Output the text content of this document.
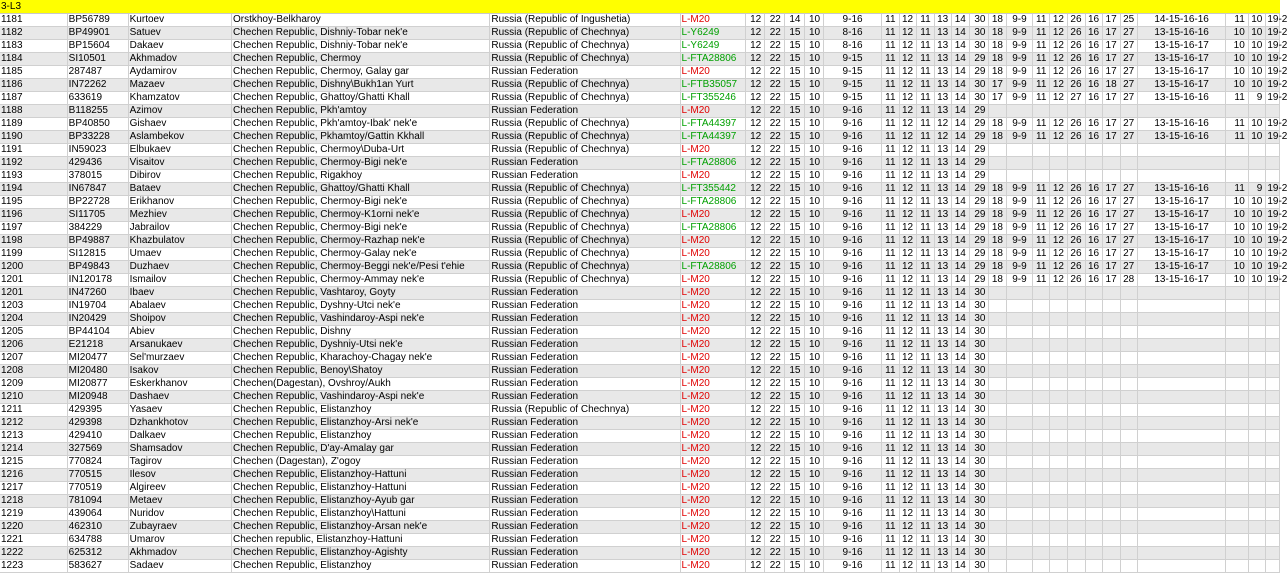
3-L3
1181	BP56789	Kurtoev	Orstkhoy-Belkharoy	Russia (Republic of Ingushetia)	L-M20	12	22	14	10	9-16	11	12	11	13	14	30	18	9-9	11	12	26	16	17	25	14-15-16-16	11	10	19-2
1182	BP49901	Satuev	Chechen Republic, Dishniy-Tobar nek'e	Russia (Republic of Chechnya)	L-Y6249	12	22	15	10	8-16	11	12	11	13	14	30	18	9-9	11	12	26	16	17	27	13-15-16-16	10	10	19-2
1183	BP15604	Dakaev	Chechen Republic, Dishniy-Tobar nek'e	Russia (Republic of Chechnya)	L-Y6249	12	22	15	10	8-16	11	12	11	13	14	30	18	9-9	11	12	26	16	17	27	13-15-16-17	10	10	19-2
1184	SI10501	Akhmadov	Chechen Republic, Chermoy	Russia (Republic of Chechnya)	L-FTA28806	12	22	15	10	9-15	11	12	11	13	14	29	18	9-9	11	12	26	16	17	27	13-15-16-17	10	10	19-2
1185	287487	Aydamirov	Chechen Republic, Chermoy, Galay gar	Russian Federation	L-M20	12	22	15	10	9-15	11	12	11	13	14	29	18	9-9	11	12	26	16	17	27	13-15-16-17	10	10	19-2
1186	IN72262	Mazaev	Chechen Republic, Dishny\Bukh1an Yurt	Russia (Republic of Chechnya)	L-FTB35057	12	22	15	10	9-15	11	12	11	13	14	30	17	9-9	11	12	26	16	18	27	13-15-16-17	10	10	19-2
1187	633619	Khamzatov	Chechen Republic, Ghattoy/Ghatti Khall	Russia (Republic of Chechnya)	L-FT355246	12	22	15	10	9-15	11	12	11	13	14	30	17	9-9	11	12	27	16	17	27	13-15-16-16	11	9	19-2
1188	B118255	Azimov	Chechen Republic, Pkh'amtoy	Russian Federation	L-M20	12	22	15	10	9-16	11	12	11	13	14	29												
1189	BP40850	Gishaev	Chechen Republic, Pkh'amtoy-Ibak' nek'e	Russia (Republic of Chechnya)	L-FTA44397	12	22	15	10	9-16	11	12	11	12	14	29	18	9-9	11	12	26	16	17	27	13-15-16-16	11	10	19-2
1190	BP33228	Aslambekov	Chechen Republic, Pkhamtoy/Gattin Kkhall	Russia (Republic of Chechnya)	L-FTA44397	12	22	15	10	9-16	11	12	11	12	14	29	18	9-9	11	12	26	16	17	27	13-15-16-16	11	10	19-2
1191	IN59023	Elbukaev	Chechen Republic, Chermoy\Duba-Urt	Russia (Republic of Chechnya)	L-M20	12	22	15	10	9-16	11	12	11	13	14	29												
1192	429436	Visaitov	Chechen Republic, Chermoy-Bigi nek'e	Russian Federation	L-FTA28806	12	22	15	10	9-16	11	12	11	13	14	29												
1193	378015	Dibirov	Chechen Republic, Rigakhoy	Russian Federation	L-M20	12	22	15	10	9-16	11	12	11	13	14	29												
1194	IN67847	Bataev	Chechen Republic, Ghattoy/Ghatti Khall	Russia (Republic of Chechnya)	L-FT355442	12	22	15	10	9-16	11	12	11	13	14	29	18	9-9	11	12	26	16	17	27	13-15-16-16	11	9	19-2
1195	BP22728	Erikhanov	Chechen Republic, Chermoy-Bigi nek'e	Russia (Republic of Chechnya)	L-FTA28806	12	22	15	10	9-16	11	12	11	13	14	29	18	9-9	11	12	26	16	17	27	13-15-16-17	10	10	19-2
1196	SI11705	Mezhiev	Chechen Republic, Chermoy-K1orni nek'e	Russia (Republic of Chechnya)	L-M20	12	22	15	10	9-16	11	12	11	13	14	29	18	9-9	11	12	26	16	17	27	13-15-16-17	10	10	19-2
1197	384229	Jabrailov	Chechen Republic, Chermoy-Bigi nek'e	Russia (Republic of Chechnya)	L-FTA28806	12	22	15	10	9-16	11	12	11	13	14	29	18	9-9	11	12	26	16	17	27	13-15-16-17	10	10	19-2
1198	BP49887	Khazbulatov	Chechen Republic, Chermoy-Razhap nek'e	Russia (Republic of Chechnya)	L-M20	12	22	15	10	9-16	11	12	11	13	14	29	18	9-9	11	12	26	16	17	27	13-15-16-17	10	10	19-2
1199	SI12815	Umaev	Chechen Republic, Chermoy-Galay nek'e	Russia (Republic of Chechnya)	L-M20	12	22	15	10	9-16	11	12	11	13	14	29	18	9-9	11	12	26	16	17	27	13-15-16-17	10	10	19-2
1200	BP49843	Duzhaev	Chechen Republic, Chermoy-Beggi nek'e/Pesi t'ehie	Russia (Republic of Chechnya)	L-FTA28806	12	22	15	10	9-16	11	12	11	13	14	29	18	9-9	11	12	26	16	17	27	13-15-16-17	10	10	19-2
1201	IN120178	Ismailov	Chechen Republic, Chermoy-Ammay nek'e	Russia (Republic of Chechnya)	L-M20	12	22	15	10	9-16	11	12	11	13	14	29	18	9-9	11	12	26	16	17	28	13-15-16-17	10	10	19-2
1201	IN47260	Ibaev	Chechen Republic, Vashtaroy, Goyty	Russian Federation	L-M20	12	22	15	10	9-16	11	12	11	13	14	30												
1203	IN19704	Abalaev	Chechen Republic, Dyshny-Utci nek'e	Russian Federation	L-M20	12	22	15	10	9-16	11	12	11	13	14	30												
1204	IN20429	Shoipov	Chechen Republic, Vashindaroy-Aspi nek'e	Russian Federation	L-M20	12	22	15	10	9-16	11	12	11	13	14	30												
1205	BP44104	Abiev	Chechen Republic, Dishny	Russian Federation	L-M20	12	22	15	10	9-16	11	12	11	13	14	30												
1206	E21218	Arsanukaev	Chechen Republic, Dyshniy-Utsi nek'e	Russian Federation	L-M20	12	22	15	10	9-16	11	12	11	13	14	30												
1207	MI20477	Sel'murzaev	Chechen Republic, Kharachoy-Chagay nek'e	Russian Federation	L-M20	12	22	15	10	9-16	11	12	11	13	14	30												
1208	MI20480	Isakov	Chechen Republic, Benoy\Shatoy	Russian Federation	L-M20	12	22	15	10	9-16	11	12	11	13	14	30												
1209	MI20877	Eskerkhanov	Chechen(Dagestan), Ovshroy/Aukh	Russian Federation	L-M20	12	22	15	10	9-16	11	12	11	13	14	30												
1210	MI20948	Dashaev	Chechen Republic, Vashindaroy-Aspi nek'e	Russian Federation	L-M20	12	22	15	10	9-16	11	12	11	13	14	30												
1211	429395	Yasaev	Chechen Republic, Elistanzhoy	Russia (Republic of Chechnya)	L-M20	12	22	15	10	9-16	11	12	11	13	14	30												
1212	429398	Dzhankhotov	Chechen Republic, Elistanzhoy-Arsi nek'e	Russian Federation	L-M20	12	22	15	10	9-16	11	12	11	13	14	30												
1213	429410	Dalkaev	Chechen Republic, Elistanzhoy	Russian Federation	L-M20	12	22	15	10	9-16	11	12	11	13	14	30												
1214	327569	Shamsadov	Chechen Republic, D'ay-Amalay gar	Russian Federation	L-M20	12	22	15	10	9-16	11	12	11	13	14	30												
1215	770824	Tagirov	Chechen (Dagestan), Z'ogoy	Russian Federation	L-M20	12	22	15	10	9-16	11	12	11	13	14	30												
1216	770515	Ilesov	Chechen Republic, Elistanzhoy-Hattuni	Russian Federation	L-M20	12	22	15	10	9-16	11	12	11	13	14	30												
1217	770519	Algireev	Chechen Republic, Elistanzhoy-Hattuni	Russian Federation	L-M20	12	22	15	10	9-16	11	12	11	13	14	30												
1218	781094	Metaev	Chechen Republic, Elistanzhoy-Ayub gar	Russian Federation	L-M20	12	22	15	10	9-16	11	12	11	13	14	30												
1219	439064	Nuridov	Chechen Republic, Elistanzhoy\Hattuni	Russian Federation	L-M20	12	22	15	10	9-16	11	12	11	13	14	30												
1220	462310	Zubayraev	Chechen Republic, Elistanzhoy-Arsan nek'e	Russian Federation	L-M20	12	22	15	10	9-16	11	12	11	13	14	30												
1221	634788	Umarov	Chechen republic, Elistanzhoy-Hattuni	Russian Federation	L-M20	12	22	15	10	9-16	11	12	11	13	14	30												
1222	625312	Akhmadov	Chechen Republic, Elistanzhoy-Agishty	Russian Federation	L-M20	12	22	15	10	9-16	11	12	11	13	14	30												
1223	583627	Sadaev	Chechen Republic, Elistanzhoy	Russian Federation	L-M20	12	22	15	10	9-16	11	12	11	13	14	30												
